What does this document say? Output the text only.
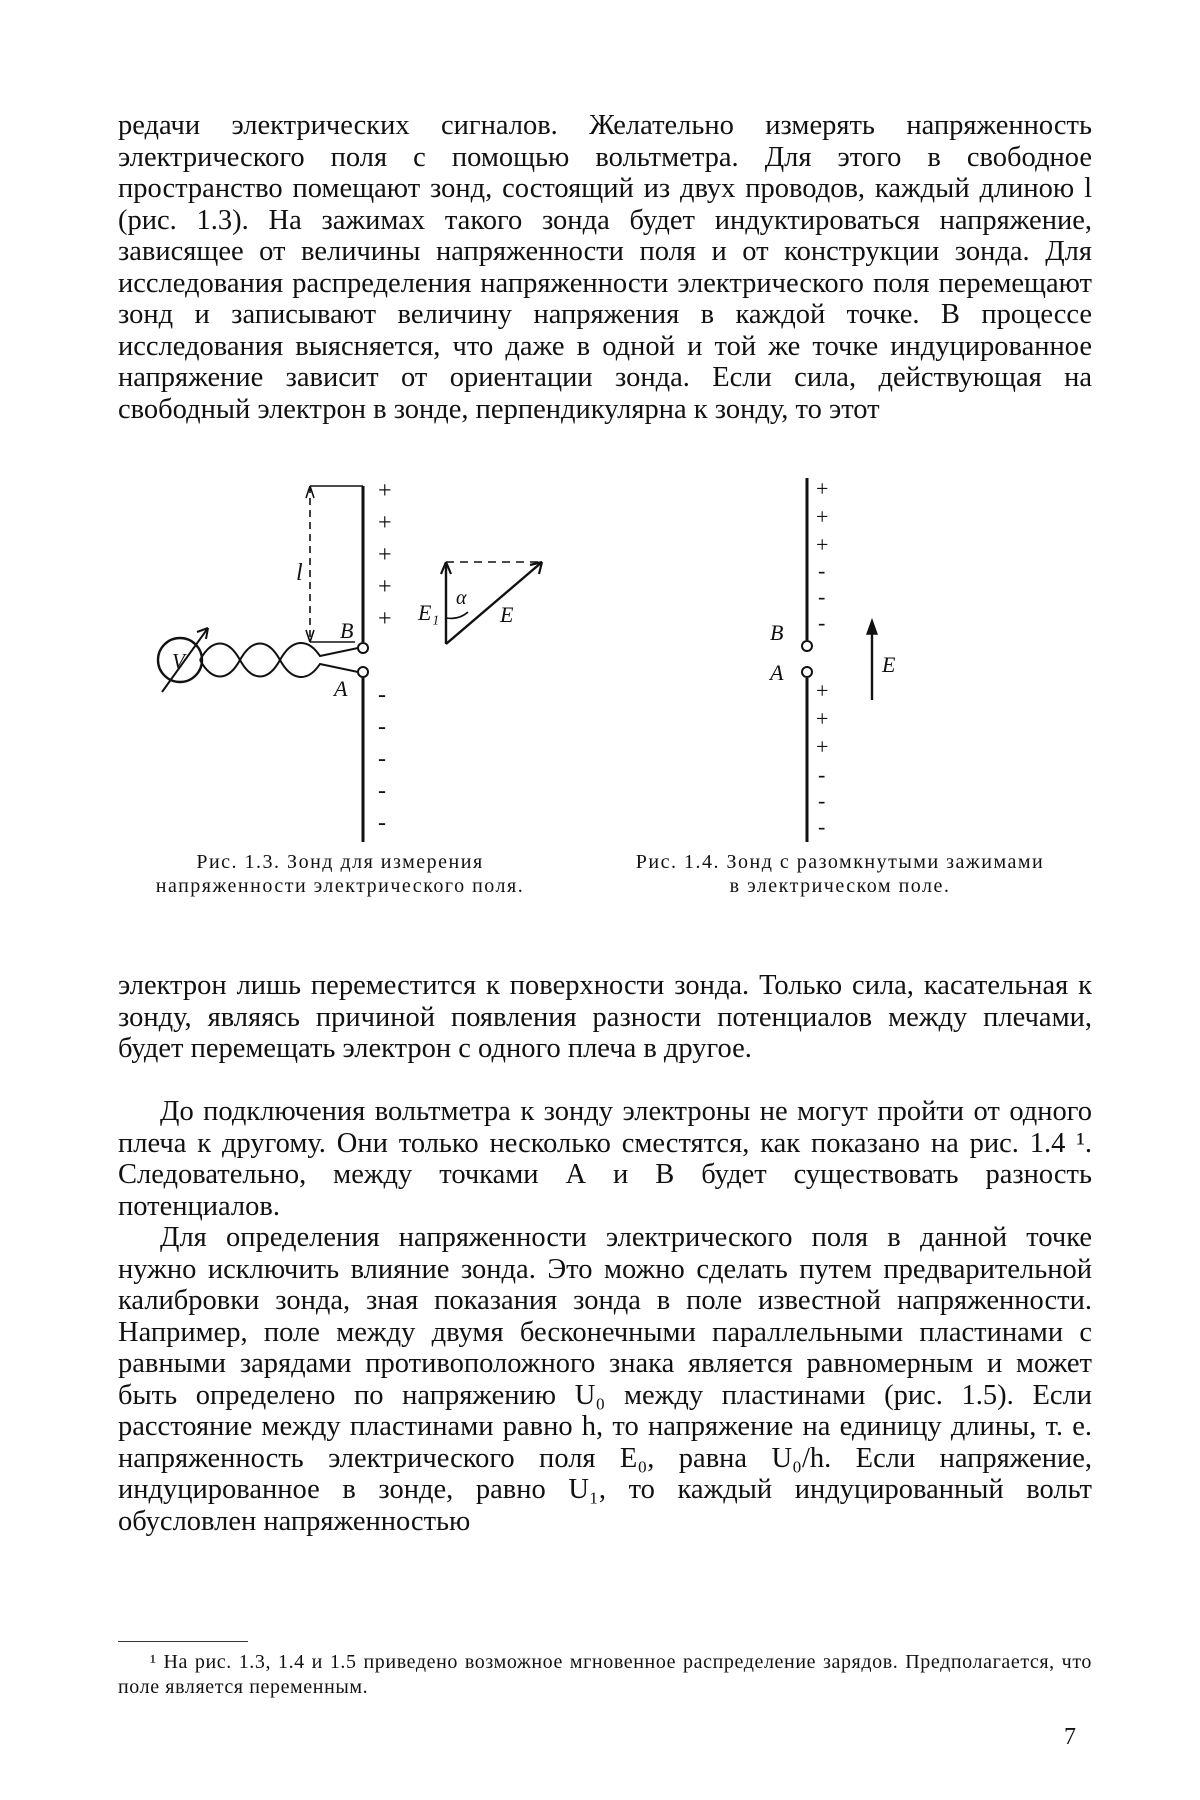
редачи электрических сигналов. Желательно измерять напряженность электрического поля с помощью вольтметра. Для этого в свободное пространство помещают зонд, состоящий из двух проводов, каждый длиною l (рис. 1.3). На зажимах такого зонда будет индуктироваться напряжение, зависящее от величины напряженности поля и от конструкции зонда. Для исследования распределения напряженности электрического поля перемещают зонд и записывают величину напряжения в каждой точке. В процессе исследования выясняется, что даже в одной и той же точке индуцированное напряжение зависит от ориентации зонда. Если сила, действующая на свободный электрон в зонде, перпендикулярна к зонду, то этот

+
+
+
+
+
-
-
-
-
-
l
B
A
V
E₁
α
E
+
+
+
-
-
-
+
+
+
-
-
-
B
A	E

Рис. 1.3. Зонд для измерения напряженности электрического поля.

Рис. 1.4. Зонд с разомкнутыми зажимами в электрическом поле.

электрон лишь переместится к поверхности зонда. Только сила, касательная к зонду, являясь причиной появления разности потенциалов между плечами, будет перемещать электрон с одного плеча в другое.

До подключения вольтметра к зонду электроны не могут пройти от одного плеча к другому. Они только несколько сместятся, как показано на рис. 1.4 ¹. Следовательно, между точками А и В будет существовать разность потенциалов.

Для определения напряженности электрического поля в данной точке нужно исключить влияние зонда. Это можно сделать путем предварительной калибровки зонда, зная показания зонда в поле известной напряженности. Например, поле между двумя бесконечными параллельными пластинами с равными зарядами противоположного знака является равномерным и может быть определено по напряжению U₀ между пластинами (рис. 1.5). Если расстояние между пластинами равно h, то напряжение на единицу длины, т. е. напряженность электрического поля E₀, равна U₀/h. Если напряжение, индуцированное в зонде, равно U₁, то каждый индуцированный вольт обусловлен напряженностью

¹ На рис. 1.3, 1.4 и 1.5 приведено возможное мгновенное распределение зарядов. Предполагается, что поле является переменным.

7
